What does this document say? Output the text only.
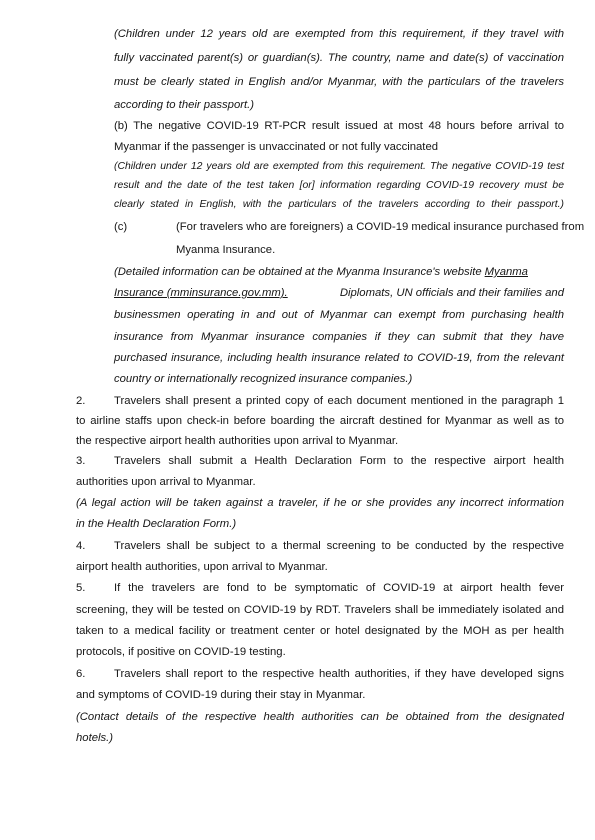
(Children under 12 years old are exempted from this requirement, if they travel with

fully vaccinated parent(s) or guardian(s). The country, name and date(s) of vaccination

must be clearly stated in English and/or Myanmar, with the particulars of the travelers

according to their passport.)

(b) The negative COVID-19 RT-PCR result issued at most 48 hours before arrival to

Myanmar if the passenger is unvaccinated or not fully vaccinated

(Children under 12 years old are exempted from this requirement. The negative COVID-19 test

result and the date of the test taken [or] information regarding COVID-19 recovery must be

clearly stated in English, with the particulars of the travelers according to their passport.)

(c)	(For travelers who are foreigners) a COVID-19 medical insurance purchased from

Myanma Insurance.

(Detailed information can be obtained at the Myanma Insurance's website Myanma

Insurance (mminsurance.gov.mm).	Diplomats, UN officials and their families and

businessmen operating in and out of Myanmar can exempt from purchasing health

insurance from Myanmar insurance companies if they can submit that they have

purchased insurance, including health insurance related to COVID-19, from the relevant

country or internationally recognized insurance companies.)

2.	Travelers shall present a printed copy of each document mentioned in the paragraph 1

to airline staffs upon check-in before boarding the aircraft destined for Myanmar as well as to

the respective airport health authorities upon arrival to Myanmar.

3.	Travelers shall submit a Health Declaration Form to the respective airport health

authorities upon arrival to Myanmar.

(A legal action will be taken against a traveler, if he or she provides any incorrect information

in the Health Declaration Form.)

4.	Travelers shall be subject to a thermal screening to be conducted by the respective

airport health authorities, upon arrival to Myanmar.

5.	If the travelers are fond to be symptomatic of COVID-19 at airport health fever

screening, they will be tested on COVID-19 by RDT. Travelers shall be immediately isolated and

taken to a medical facility or treatment center or hotel designated by the MOH as per health

protocols, if positive on COVID-19 testing.

6.	Travelers shall report to the respective health authorities, if they have developed signs

and symptoms of COVID-19 during their stay in Myanmar.

(Contact details of the respective health authorities can be obtained from the designated

hotels.)
